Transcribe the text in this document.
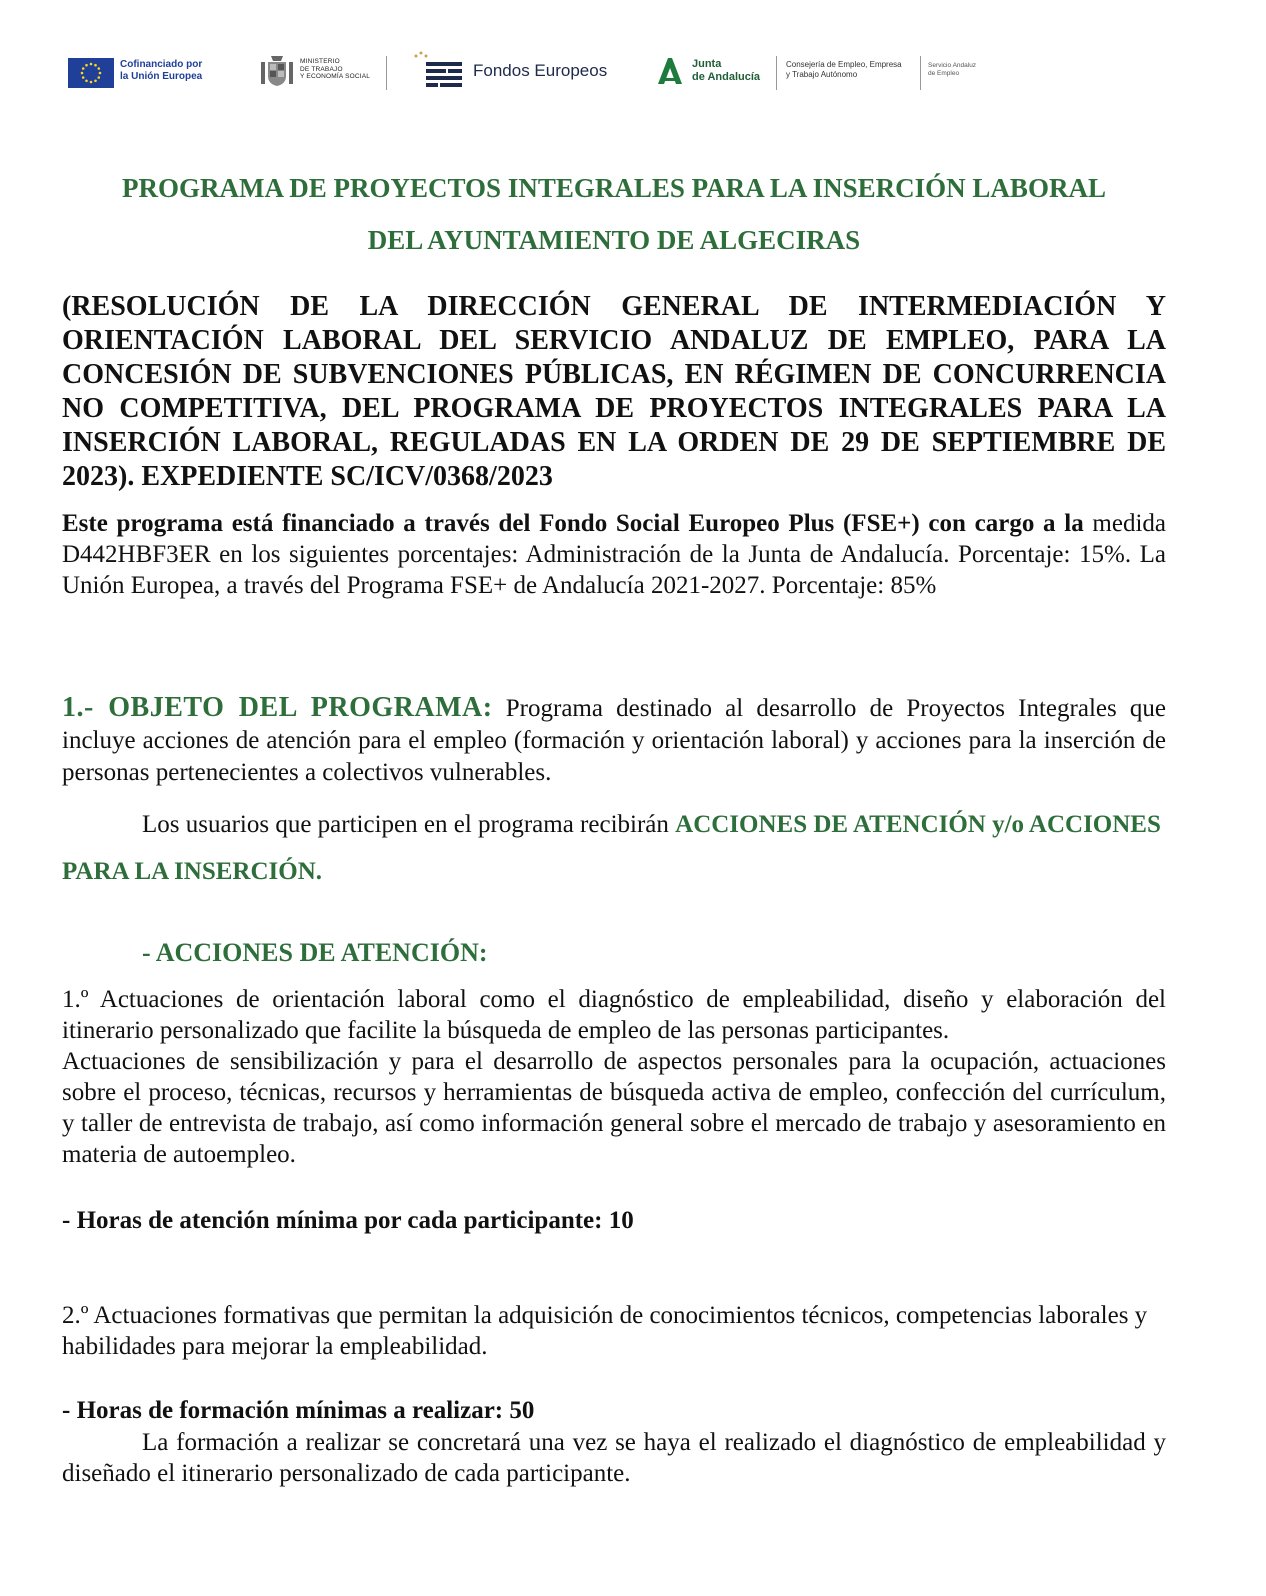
Cofinanciado por
la Unión Europea
MINISTERIO
DE TRABAJO
Y ECONOMÍA SOCIAL	Fondos Europeos	Junta
de Andalucía
Consejería de Empleo, Empresa
y Trabajo Autónomo
Servicio Andaluz
de Empleo
PROGRAMA DE PROYECTOS INTEGRALES PARA LA INSERCIÓN LABORAL
DEL AYUNTAMIENTO DE ALGECIRAS

(RESOLUCIÓN DE LA DIRECCIÓN GENERAL DE INTERMEDIACIÓN Y ORIENTACIÓN LABORAL DEL SERVICIO ANDALUZ DE EMPLEO, PARA LA CONCESIÓN DE SUBVENCIONES PÚBLICAS, EN RÉGIMEN DE CONCURRENCIA NO COMPETITIVA, DEL PROGRAMA DE PROYECTOS INTEGRALES PARA LA INSERCIÓN LABORAL, REGULADAS EN LA ORDEN DE 29 DE SEPTIEMBRE DE 2023). EXPEDIENTE SC/ICV/0368/2023

Este programa está financiado a través del Fondo Social Europeo Plus (FSE+) con cargo a la medida D442HBF3ER en los siguientes porcentajes: Administración de la Junta de Andalucía. Porcentaje: 15%. La Unión Europea, a través del Programa FSE+ de Andalucía 2021-2027. Porcentaje: 85%

1.- OBJETO DEL PROGRAMA: Programa destinado al desarrollo de Proyectos Integrales que incluye acciones de atención para el empleo (formación y orientación laboral) y acciones para la inserción de personas pertenecientes a colectivos vulnerables.

Los usuarios que participen en el programa recibirán ACCIONES DE ATENCIÓN y/o ACCIONES PARA LA INSERCIÓN.

- ACCIONES DE ATENCIÓN:

1.º Actuaciones de orientación laboral como el diagnóstico de empleabilidad, diseño y elaboración del itinerario personalizado que facilite la búsqueda de empleo de las personas participantes.

Actuaciones de sensibilización y para el desarrollo de aspectos personales para la ocupación, actuaciones sobre el proceso, técnicas, recursos y herramientas de búsqueda activa de empleo, confección del currículum, y taller de entrevista de trabajo, así como información general sobre el mercado de trabajo y asesoramiento en materia de autoempleo.

- Horas de atención mínima por cada participante: 10

2.º Actuaciones formativas que permitan la adquisición de conocimientos técnicos, competencias laborales y habilidades para mejorar la empleabilidad.

- Horas de formación mínimas a realizar: 50

La formación a realizar se concretará una vez se haya el realizado el diagnóstico de empleabilidad y diseñado el itinerario personalizado de cada participante.
